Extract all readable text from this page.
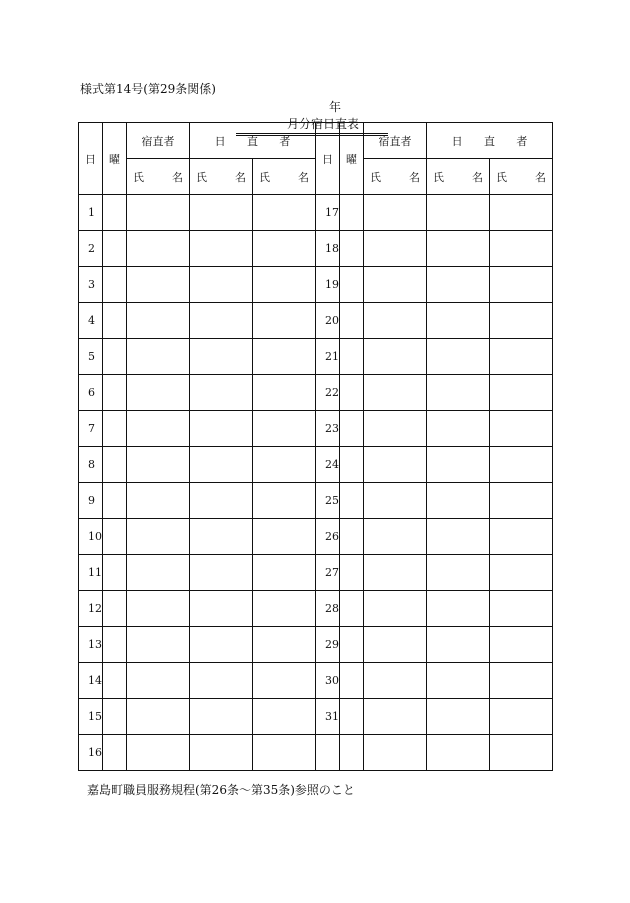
様式第14号(第29条関係)
年月分宿日直表
日	曜	宿直者	日 直 者		日	曜	宿直者	日 直 者	

		氏 名	氏 名	氏 名			氏 名	氏 名	氏 名

1					17				
2					18				
3					19				
4					20				
5					21				
6					22				
7					23				
8					24				
9					25				
10					26				
11					27				
12					28				
13					29				
14					30				
15					31				
16									
嘉島町職員服務規程(第26条〜第35条)参照のこと
